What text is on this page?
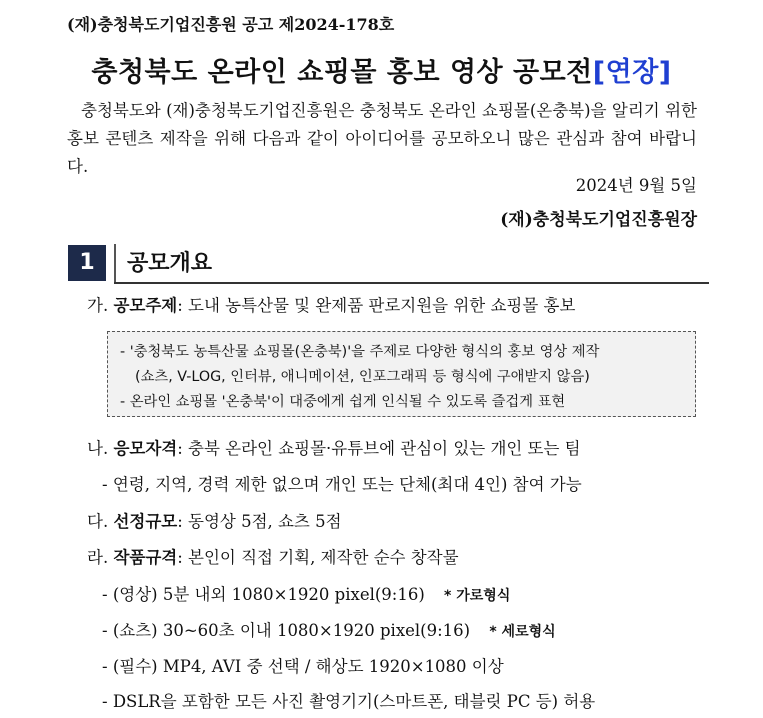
(재)충청북도기업진흥원 공고 제2024-178호
충청북도 온라인 쇼핑몰 홍보 영상 공모전[연장]
충청북도와 (재)충청북도기업진흥원은 충청북도 온라인 쇼핑몰(온충북)을 알리기 위한 홍보 콘텐츠 제작을 위해 다음과 같이 아이디어를 공모하오니 많은 관심과 참여 바랍니다.
2024년 9월 5일
(재)충청북도기업진흥원장
1	공모개요
가. 공모주제: 도내 농특산물 및 완제품 판로지원을 위한 쇼핑몰 홍보
- '충청북도 농특산물 쇼핑몰(온충북)'을 주제로 다양한 형식의 홍보 영상 제작
(쇼츠, V-LOG, 인터뷰, 애니메이션, 인포그래픽 등 형식에 구애받지 않음)
- 온라인 쇼핑몰 '온충북'이 대중에게 쉽게 인식될 수 있도록 즐겁게 표현
나. 응모자격: 충북 온라인 쇼핑몰·유튜브에 관심이 있는 개인 또는 팀
- 연령, 지역, 경력 제한 없으며 개인 또는 단체(최대 4인) 참여 가능
다. 선정규모: 동영상 5점, 쇼츠 5점
라. 작품규격: 본인이 직접 기획, 제작한 순수 창작물
- (영상) 5분 내외 1080×1920 pixel(9:16) * 가로형식
- (쇼츠) 30~60초 이내 1080×1920 pixel(9:16) * 세로형식
- (필수) MP4, AVI 중 선택 / 해상도 1920×1080 이상
- DSLR을 포함한 모든 사진 촬영기기(스마트폰, 태블릿 PC 등) 허용
